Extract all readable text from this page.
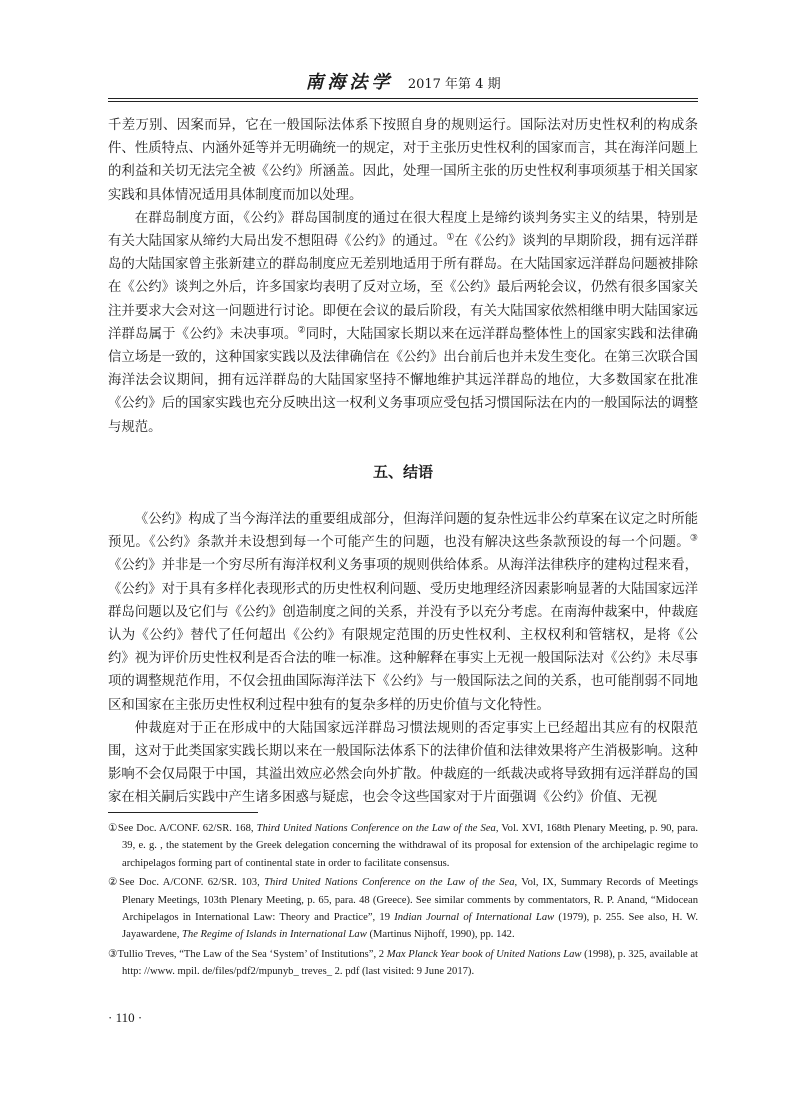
南海法学 2017 年第 4 期

千差万别、因案而异，它在一般国际法体系下按照自身的规则运行。国际法对历史性权利的构成条件、性质特点、内涵外延等并无明确统一的规定，对于主张历史性权利的国家而言，其在海洋问题上的利益和关切无法完全被《公约》所涵盖。因此，处理一国所主张的历史性权利事项须基于相关国家实践和具体情况适用具体制度而加以处理。

在群岛制度方面，《公约》群岛国制度的通过在很大程度上是缔约谈判务实主义的结果，特别是有关大陆国家从缔约大局出发不想阻碍《公约》的通过。①在《公约》谈判的早期阶段，拥有远洋群岛的大陆国家曾主张新建立的群岛制度应无差别地适用于所有群岛。在大陆国家远洋群岛问题被排除在《公约》谈判之外后，许多国家均表明了反对立场，至《公约》最后两轮会议，仍然有很多国家关注并要求大会对这一问题进行讨论。即便在会议的最后阶段，有关大陆国家依然相继申明大陆国家远洋群岛属于《公约》未决事项。②同时，大陆国家长期以来在远洋群岛整体性上的国家实践和法律确信立场是一致的，这种国家实践以及法律确信在《公约》出台前后也并未发生变化。在第三次联合国海洋法会议期间，拥有远洋群岛的大陆国家坚持不懈地维护其远洋群岛的地位，大多数国家在批准《公约》后的国家实践也充分反映出这一权利义务事项应受包括习惯国际法在内的一般国际法的调整与规范。

五、结语

《公约》构成了当今海洋法的重要组成部分，但海洋问题的复杂性远非公约草案在议定之时所能预见。《公约》条款并未设想到每一个可能产生的问题，也没有解决这些条款预设的每一个问题。③《公约》并非是一个穷尽所有海洋权利义务事项的规则供给体系。从海洋法律秩序的建构过程来看，《公约》对于具有多样化表现形式的历史性权利问题、受历史地理经济因素影响显著的大陆国家远洋群岛问题以及它们与《公约》创造制度之间的关系，并没有予以充分考虑。在南海仲裁案中，仲裁庭认为《公约》替代了任何超出《公约》有限规定范围的历史性权利、主权权利和管辖权，是将《公约》视为评价历史性权利是否合法的唯一标准。这种解释在事实上无视一般国际法对《公约》未尽事项的调整规范作用，不仅会扭曲国际海洋法下《公约》与一般国际法之间的关系，也可能削弱不同地区和国家在主张历史性权利过程中独有的复杂多样的历史价值与文化特性。

仲裁庭对于正在形成中的大陆国家远洋群岛习惯法规则的否定事实上已经超出其应有的权限范围，这对于此类国家实践长期以来在一般国际法体系下的法律价值和法律效果将产生消极影响。这种影响不会仅局限于中国，其溢出效应必然会向外扩散。仲裁庭的一纸裁决或将导致拥有远洋群岛的国家在相关嗣后实践中产生诸多困惑与疑虑，也会令这些国家对于片面强调《公约》价值、无视

①See Doc. A/CONF. 62/SR. 168, Third United Nations Conference on the Law of the Sea, Vol. XVI, 168th Plenary Meeting, p. 90, para. 39, e. g. , the statement by the Greek delegation concerning the withdrawal of its proposal for extension of the archipelagic regime to archipelagos forming part of continental state in order to facilitate consensus.

②See Doc. A/CONF. 62/SR. 103, Third United Nations Conference on the Law of the Sea, Vol, IX, Summary Records of Meetings Plenary Meetings, 103th Plenary Meeting, p. 65, para. 48 (Greece). See similar comments by commentators, R. P. Anand, “Midocean Archipelagos in International Law: Theory and Practice”, 19 Indian Journal of International Law (1979), p. 255. See also, H. W. Jayawardene, The Regime of Islands in International Law (Martinus Nijhoff, 1990), pp. 142.

③Tullio Treves, “The Law of the Sea ‘System’ of Institutions”, 2 Max Planck Year book of United Nations Law (1998), p. 325, available at http: //www. mpil. de/files/pdf2/mpunyb_ treves_ 2. pdf (last visited: 9 June 2017).

· 110 ·
